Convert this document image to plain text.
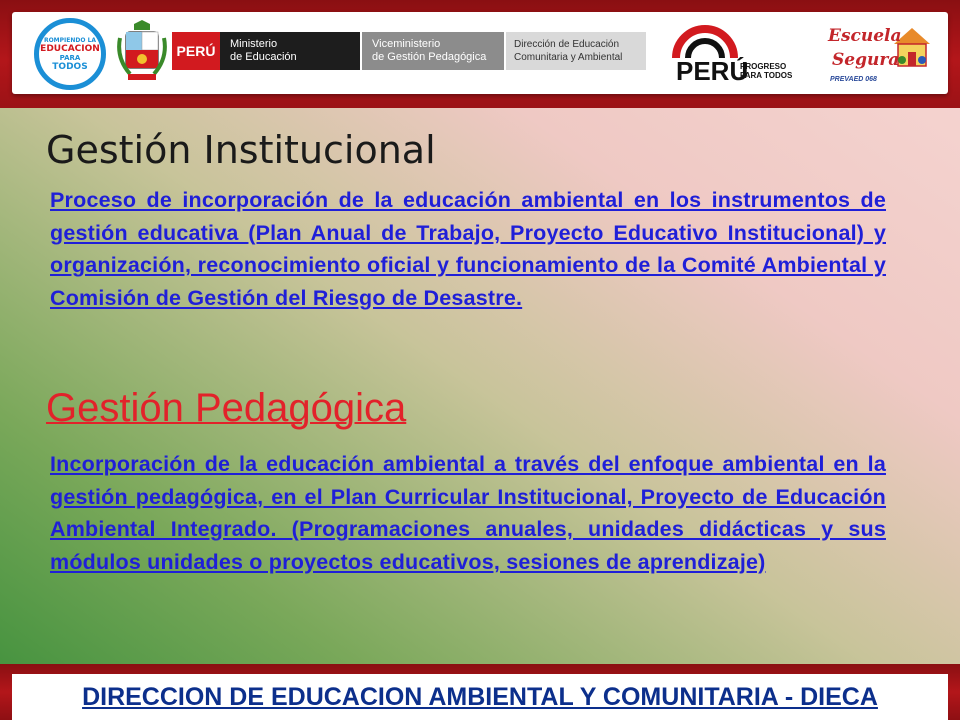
ROMPIENDO LA
EDUCACION
PARA
TODOS
PERÚ	Ministerio
de Educación
Viceministerio
de Gestión Pedagógica
Dirección de Educación
Comunitaria y Ambiental	PERÚ
PROGRESO
PARA TODOS
Escuela
Segura
PREVAED 068
Gestión Institucional
Proceso de incorporación de la educación ambiental en los instrumentos de gestión educativa (Plan Anual de Trabajo, Proyecto Educativo Institucional) y organización, reconocimiento oficial y funcionamiento de la Comité Ambiental y Comisión de Gestión del Riesgo de Desastre.
Gestión Pedagógica
Incorporación de la educación ambiental a través del enfoque ambiental en la gestión pedagógica, en el Plan Curricular Institucional, Proyecto de Educación Ambiental Integrado. (Programaciones anuales, unidades didácticas y sus módulos unidades o proyectos educativos, sesiones de aprendizaje)
DIRECCION DE EDUCACION AMBIENTAL Y COMUNITARIA - DIECA
